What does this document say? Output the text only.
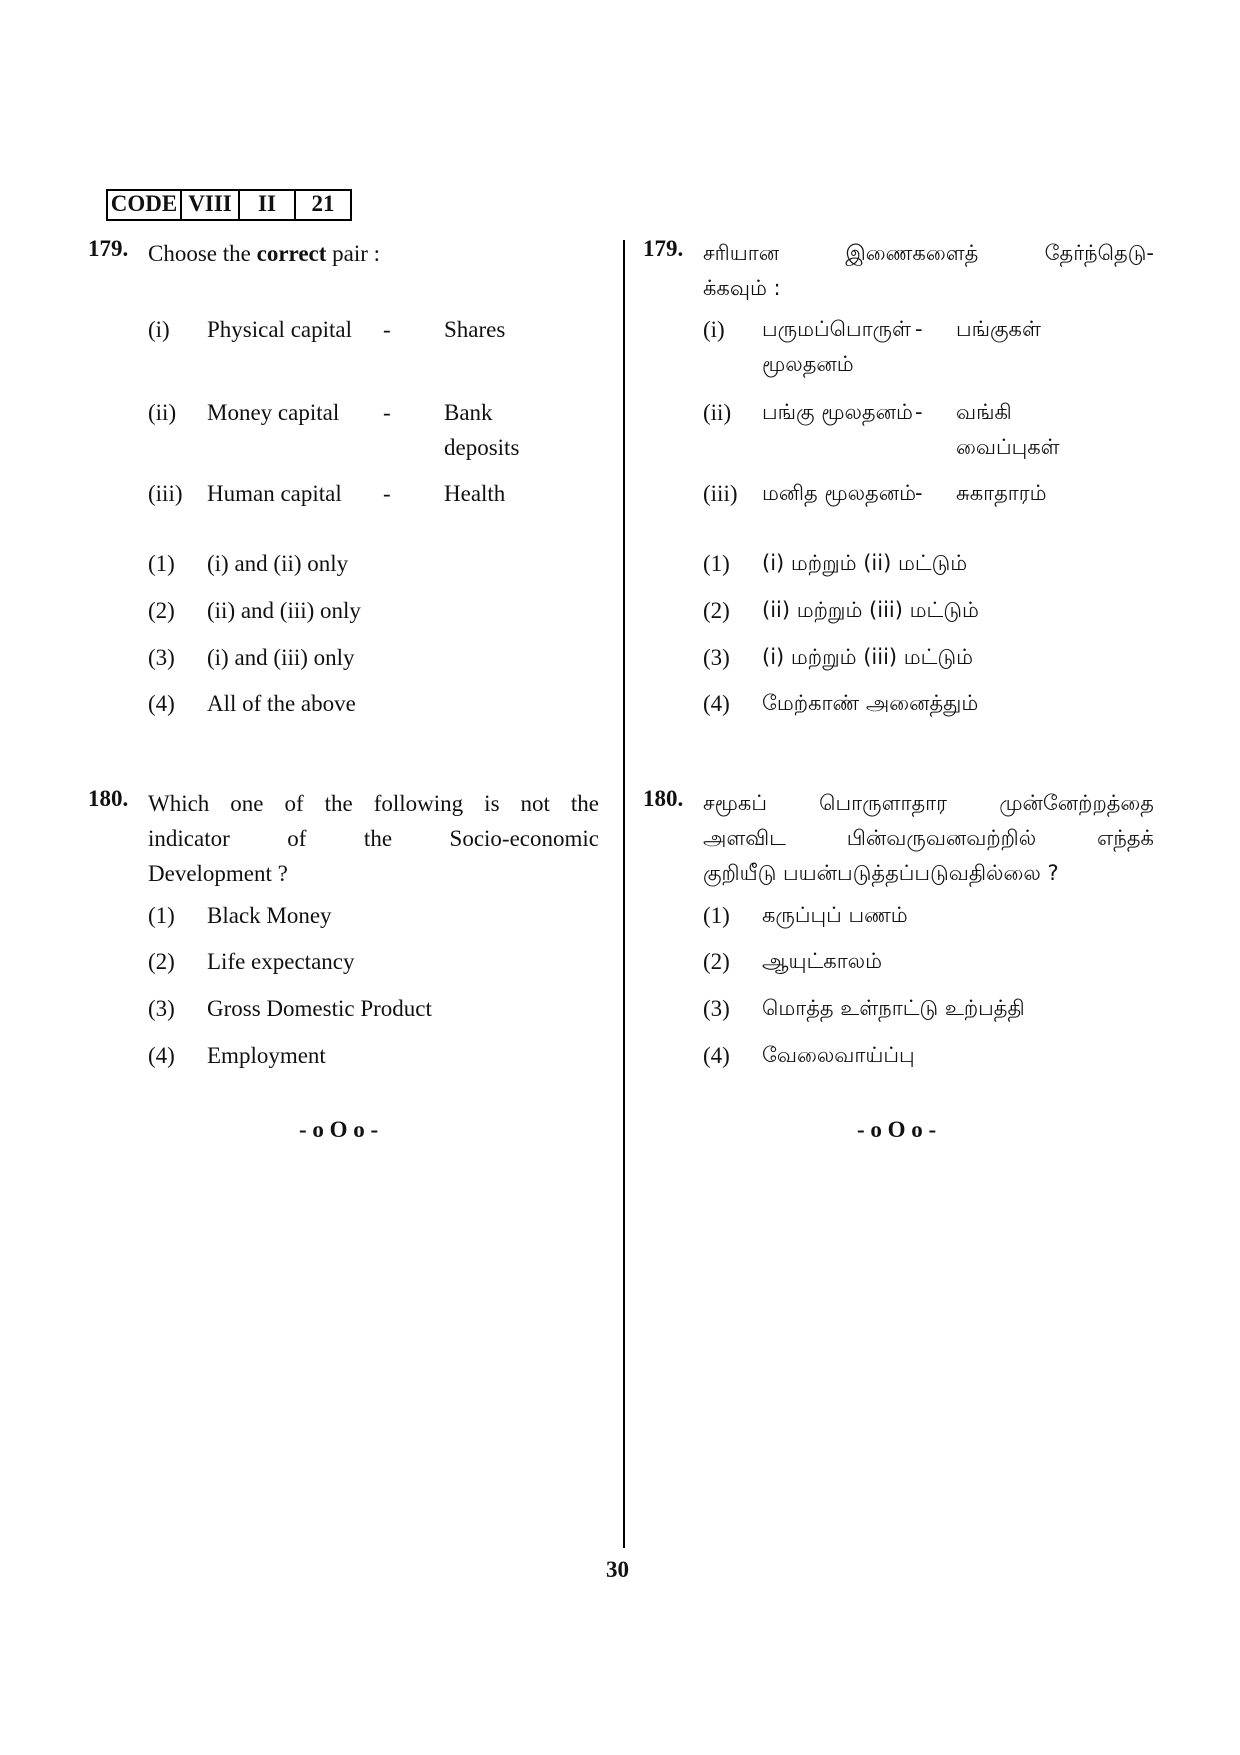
CODE VIII	II	21
179. Choose the correct pair :
(i) Physical capital - Shares
(ii) Money capital - Bank
deposits
(iii) Human capital - Health
(1) (i) and (ii) only
(2) (ii) and (iii) only
(3) (i) and (iii) only
(4) All of the above
180. Which one of the following is not the
indicator of the Socio-economic
Development ?
(1) Black Money
(2) Life expectancy
(3) Gross Domestic Product
(4) Employment
- o O o -
179. சரியான இணைகளைத் தேர்ந்தெடு-
க்கவும் :
(i) பருமப்பொருள்
மூலதனம்
- பங்குகள்
(ii) பங்கு மூலதனம் - வங்கி
வைப்புகள்
(iii) மனித மூலதனம்
- சுகாதாரம்
(1) (i) மற்றும் (ii) மட்டும்
(2) (ii) மற்றும் (iii) மட்டும்
(3) (i) மற்றும் (iii) மட்டும்
(4) மேற்காண் அனைத்தும்
180. சமூகப் பொருளாதார முன்னேற்றத்தை
அளவிட பின்வருவனவற்றில் எந்தக்
குறியீடு பயன்படுத்தப்படுவதில்லை ?
(1) கருப்புப் பணம்
(2) ஆயுட்காலம்
(3) மொத்த உள்நாட்டு உற்பத்தி
(4) வேலைவாய்ப்பு
- o O o -
30
